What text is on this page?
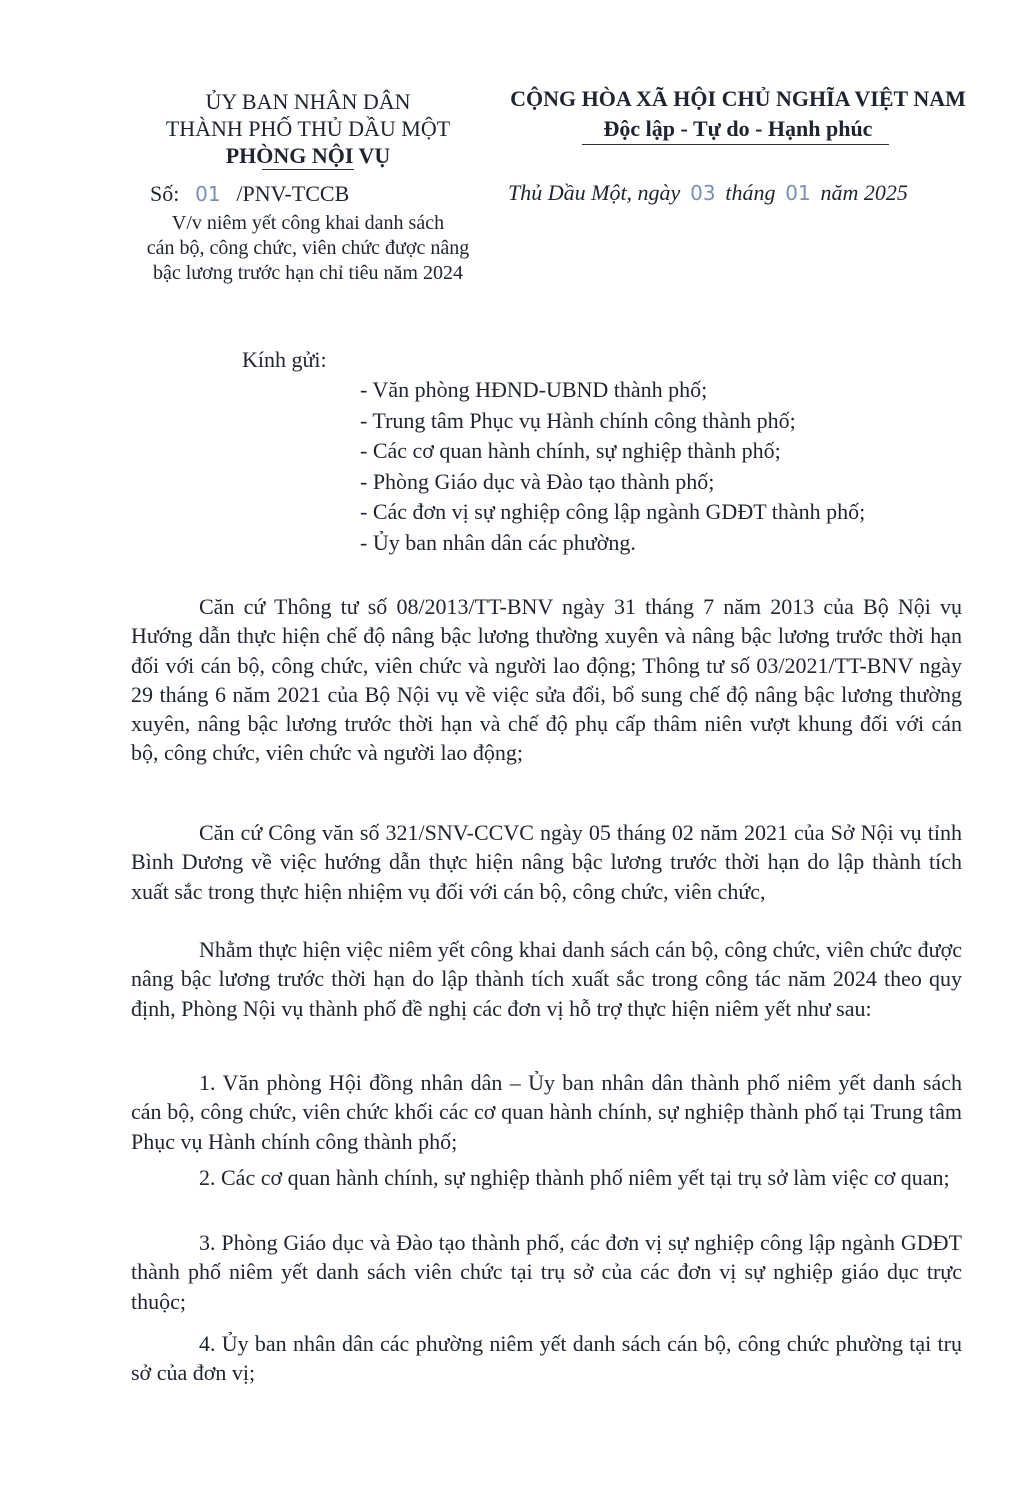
ỦY BAN NHÂN DÂN
THÀNH PHỐ THỦ DẦU MỘT
PHÒNG NỘI VỤ
Số: 01 /PNV-TCCB
V/v niêm yết công khai danh sách
cán bộ, công chức, viên chức được nâng
bậc lương trước hạn chỉ tiêu năm 2024
CỘNG HÒA XÃ HỘI CHỦ NGHĨA VIỆT NAM
Độc lập - Tự do - Hạnh phúc
Thủ Dầu Một, ngày 03 tháng 01 năm 2025
Kính gửi:
- Văn phòng HĐND-UBND thành phố;
- Trung tâm Phục vụ Hành chính công thành phố;
- Các cơ quan hành chính, sự nghiệp thành phố;
- Phòng Giáo dục và Đào tạo thành phố;
- Các đơn vị sự nghiệp công lập ngành GDĐT thành phố;
- Ủy ban nhân dân các phường.

Căn cứ Thông tư số 08/2013/TT-BNV ngày 31 tháng 7 năm 2013 của Bộ Nội vụ Hướng dẫn thực hiện chế độ nâng bậc lương thường xuyên và nâng bậc lương trước thời hạn đối với cán bộ, công chức, viên chức và người lao động; Thông tư số 03/2021/TT-BNV ngày 29 tháng 6 năm 2021 của Bộ Nội vụ về việc sửa đổi, bổ sung chế độ nâng bậc lương thường xuyên, nâng bậc lương trước thời hạn và chế độ phụ cấp thâm niên vượt khung đối với cán bộ, công chức, viên chức và người lao động;

Căn cứ Công văn số 321/SNV-CCVC ngày 05 tháng 02 năm 2021 của Sở Nội vụ tỉnh Bình Dương về việc hướng dẫn thực hiện nâng bậc lương trước thời hạn do lập thành tích xuất sắc trong thực hiện nhiệm vụ đối với cán bộ, công chức, viên chức,

Nhằm thực hiện việc niêm yết công khai danh sách cán bộ, công chức, viên chức được nâng bậc lương trước thời hạn do lập thành tích xuất sắc trong công tác năm 2024 theo quy định, Phòng Nội vụ thành phố đề nghị các đơn vị hỗ trợ thực hiện niêm yết như sau:

1. Văn phòng Hội đồng nhân dân – Ủy ban nhân dân thành phố niêm yết danh sách cán bộ, công chức, viên chức khối các cơ quan hành chính, sự nghiệp thành phố tại Trung tâm Phục vụ Hành chính công thành phố;

2. Các cơ quan hành chính, sự nghiệp thành phố niêm yết tại trụ sở làm việc cơ quan;

3. Phòng Giáo dục và Đào tạo thành phố, các đơn vị sự nghiệp công lập ngành GDĐT thành phố niêm yết danh sách viên chức tại trụ sở của các đơn vị sự nghiệp giáo dục trực thuộc;

4. Ủy ban nhân dân các phường niêm yết danh sách cán bộ, công chức phường tại trụ sở của đơn vị;
